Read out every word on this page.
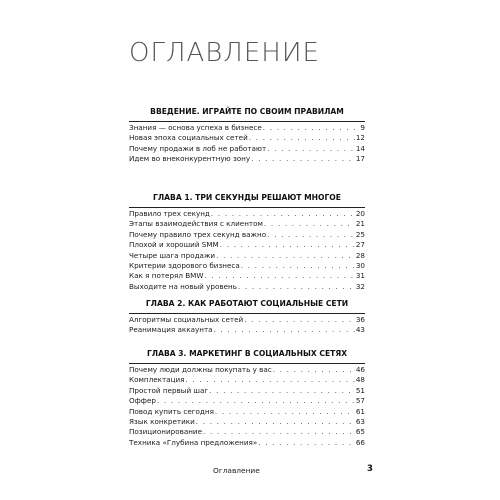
ОГЛАВЛЕНИЕ

ВВЕДЕНИЕ. ИГРАЙТЕ ПО СВОИМ ПРАВИЛАМ

Знания — основа успеха в бизнесе . . .	9
Новая эпоха социальных сетей . . .	12
Почему продажи в лоб не работают . . .	14
Идем во внеконкурентную зону . . .	17

ГЛАВА 1. ТРИ СЕКУНДЫ РЕШАЮТ МНОГОЕ

Правило трех секунд . . .	20
Этапы взаимодействия с клиентом . . .	21
Почему правило трех секунд важно . . .	25
Плохой и хороший SMM . . .	27
Четыре шага продажи . . .	28
Критерии здорового бизнеса . . .	30
Как я потерял BMW . . .	31
Выходите на новый уровень . . .	32

ГЛАВА 2. КАК РАБОТАЮТ СОЦИАЛЬНЫЕ СЕТИ

Алгоритмы социальных сетей . . .	36
Реанимация аккаунта . . .	43

ГЛАВА 3. МАРКЕТИНГ В СОЦИАЛЬНЫХ СЕТЯХ

Почему люди должны покупать у вас . . .	46
Комплектация . . .	48
Простой первый шаг . . .	51
Оффер . . .	57
Повод купить сегодня . . .	61
Язык конкретики . . .	63
Позиционирование . . .	65
Техника «Глубина предложения» . . .	66
Оглавление	3
